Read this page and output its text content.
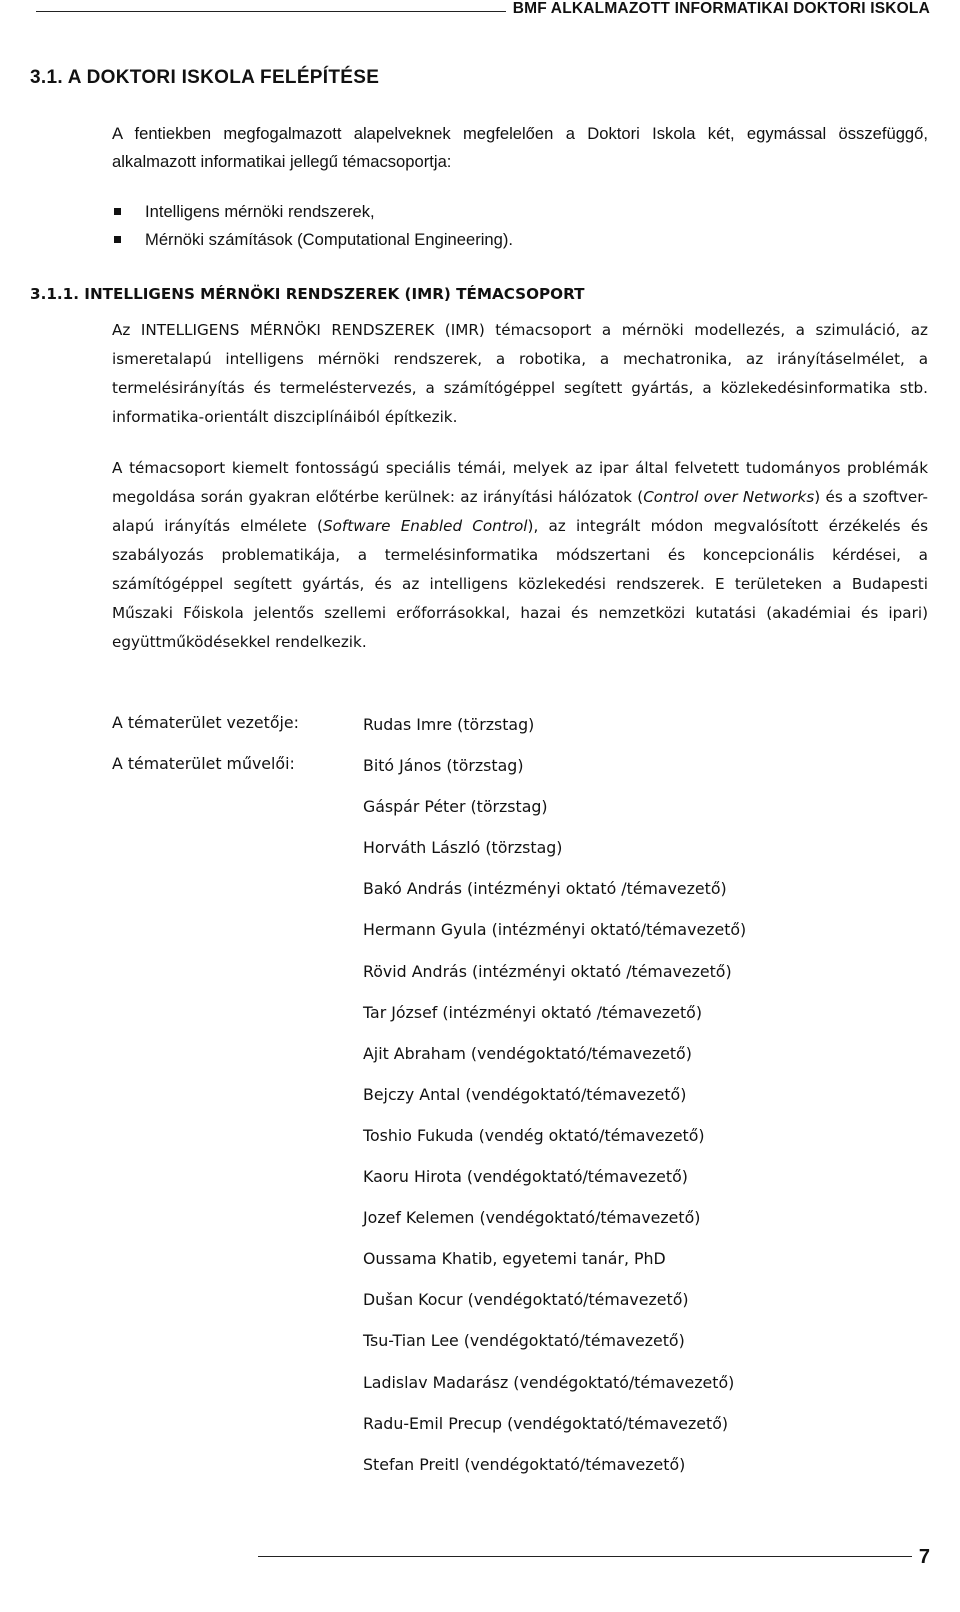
BMF ALKALMAZOTT INFORMATIKAI DOKTORI ISKOLA
3.1. A DOKTORI ISKOLA FELÉPÍTÉSE

A fentiekben megfogalmazott alapelveknek megfelelően a Doktori Iskola két, egymással összefüggő, alkalmazott informatikai jellegű témacsoportja:

Intelligens mérnöki rendszerek,
Mérnöki számítások (Computational Engineering).
3.1.1. INTELLIGENS MÉRNÖKI RENDSZEREK (IMR) TÉMACSOPORT

Az INTELLIGENS MÉRNÖKI RENDSZEREK (IMR) témacsoport a mérnöki modellezés, a szimuláció, az ismeretalapú intelligens mérnöki rendszerek, a robotika, a mechatronika, az irányításelmélet, a termelésirányítás és termeléstervezés, a számítógéppel segített gyártás, a közlekedésinformatika stb. informatika-orientált diszciplínáiból építkezik.

A témacsoport kiemelt fontosságú speciális témái, melyek az ipar által felvetett tudományos problémák megoldása során gyakran előtérbe kerülnek: az irányítási hálózatok (Control over Networks) és a szoftver-alapú irányítás elmélete (Software Enabled Control), az integrált módon megvalósított érzékelés és szabályozás problematikája, a termelésinformatika módszertani és koncepcionális kérdései, a számítógéppel segített gyártás, és az intelligens közlekedési rendszerek. E területeken a Budapesti Műszaki Főiskola jelentős szellemi erőforrásokkal, hazai és nemzetközi kutatási (akadémiai és ipari) együttműködésekkel rendelkezik.

A tématerület vezetője:
A tématerület művelői:
Rudas Imre (törzstag)
Bitó János (törzstag)
Gáspár Péter (törzstag)
Horváth László (törzstag)
Bakó András (intézményi oktató /témavezető)
Hermann Gyula (intézményi oktató/témavezető)
Rövid András (intézményi oktató /témavezető)
Tar József (intézményi oktató /témavezető)
Ajit Abraham (vendégoktató/témavezető)
Bejczy Antal (vendégoktató/témavezető)
Toshio Fukuda (vendég oktató/témavezető)
Kaoru Hirota (vendégoktató/témavezető)
Jozef Kelemen (vendégoktató/témavezető)
Oussama Khatib, egyetemi tanár, PhD
Dušan Kocur (vendégoktató/témavezető)
Tsu-Tian Lee (vendégoktató/témavezető)
Ladislav Madarász (vendégoktató/témavezető)
Radu-Emil Precup (vendégoktató/témavezető)
Stefan Preitl (vendégoktató/témavezető)
7
